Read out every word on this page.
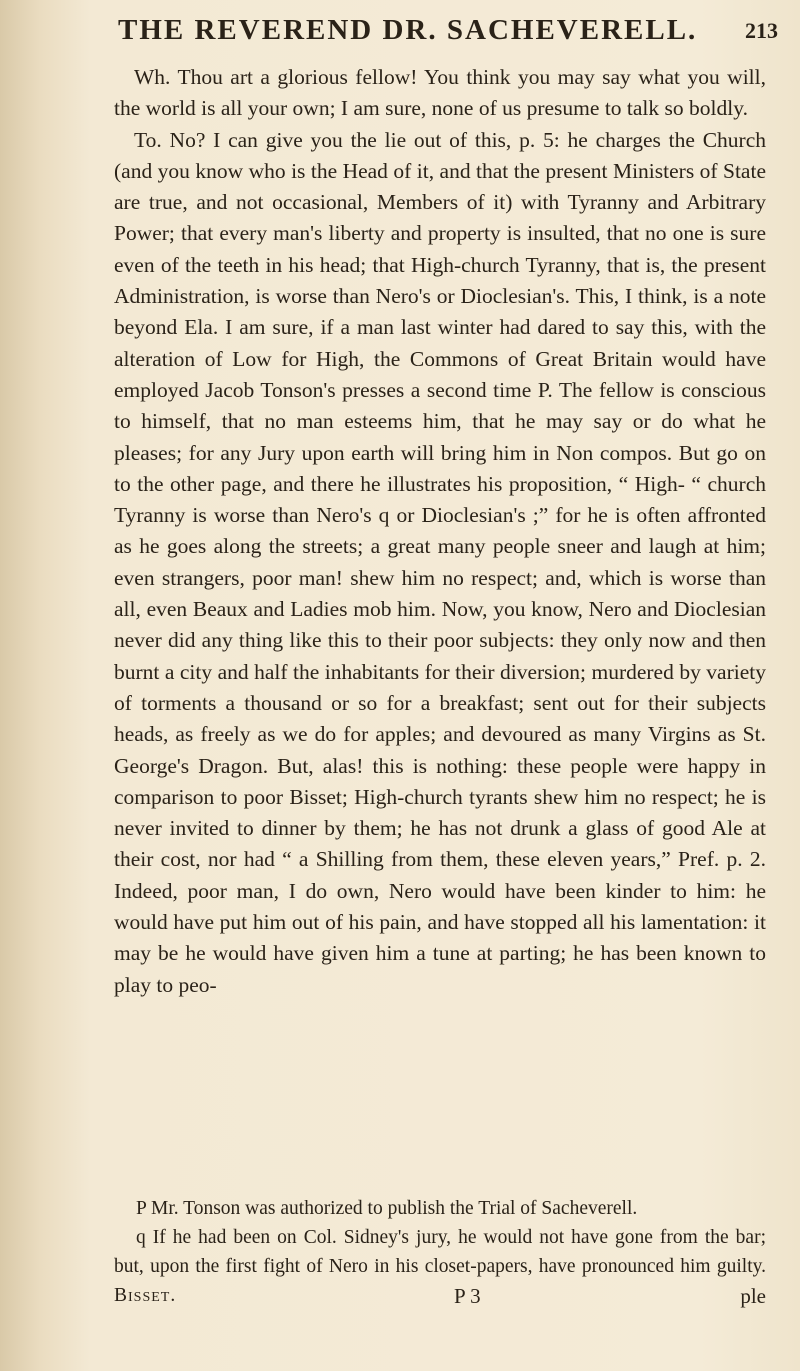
THE REVEREND DR. SACHEVERELL. 213

Wh. Thou art a glorious fellow! You think you may say what you will, the world is all your own; I am sure, none of us presume to talk so boldly.

To. No? I can give you the lie out of this, p. 5: he charges the Church (and you know who is the Head of it, and that the present Ministers of State are true, and not occasional, Members of it) with Tyranny and Arbitrary Power; that every man's liberty and property is insulted, that no one is sure even of the teeth in his head; that High-church Tyranny, that is, the present Administration, is worse than Nero's or Dioclesian's. This, I think, is a note beyond Ela. I am sure, if a man last winter had dared to say this, with the alteration of Low for High, the Commons of Great Britain would have employed Jacob Tonson's presses a second time P. The fellow is conscious to himself, that no man esteems him, that he may say or do what he pleases; for any Jury upon earth will bring him in Non compos. But go on to the other page, and there he illustrates his proposition, “ High- “ church Tyranny is worse than Nero's q or Dioclesian's ;” for he is often affronted as he goes along the streets; a great many people sneer and laugh at him; even strangers, poor man! shew him no respect; and, which is worse than all, even Beaux and Ladies mob him. Now, you know, Nero and Dioclesian never did any thing like this to their poor subjects: they only now and then burnt a city and half the inhabitants for their diversion; murdered by variety of torments a thousand or so for a breakfast; sent out for their subjects heads, as freely as we do for apples; and devoured as many Virgins as St. George's Dragon. But, alas! this is nothing: these people were happy in comparison to poor Bisset; High-church tyrants shew him no respect; he is never invited to dinner by them; he has not drunk a glass of good Ale at their cost, nor had “ a Shilling from them, these eleven years,” Pref. p. 2. Indeed, poor man, I do own, Nero would have been kinder to him: he would have put him out of his pain, and have stopped all his lamentation: it may be he would have given him a tune at parting; he has been known to play to peo-

P Mr. Tonson was authorized to publish the Trial of Sacheverell.

q If he had been on Col. Sidney's jury, he would not have gone from the bar; but, upon the first fight of Nero in his closet-papers, have pronounced him guilty. Bisset.	P 3	ple
